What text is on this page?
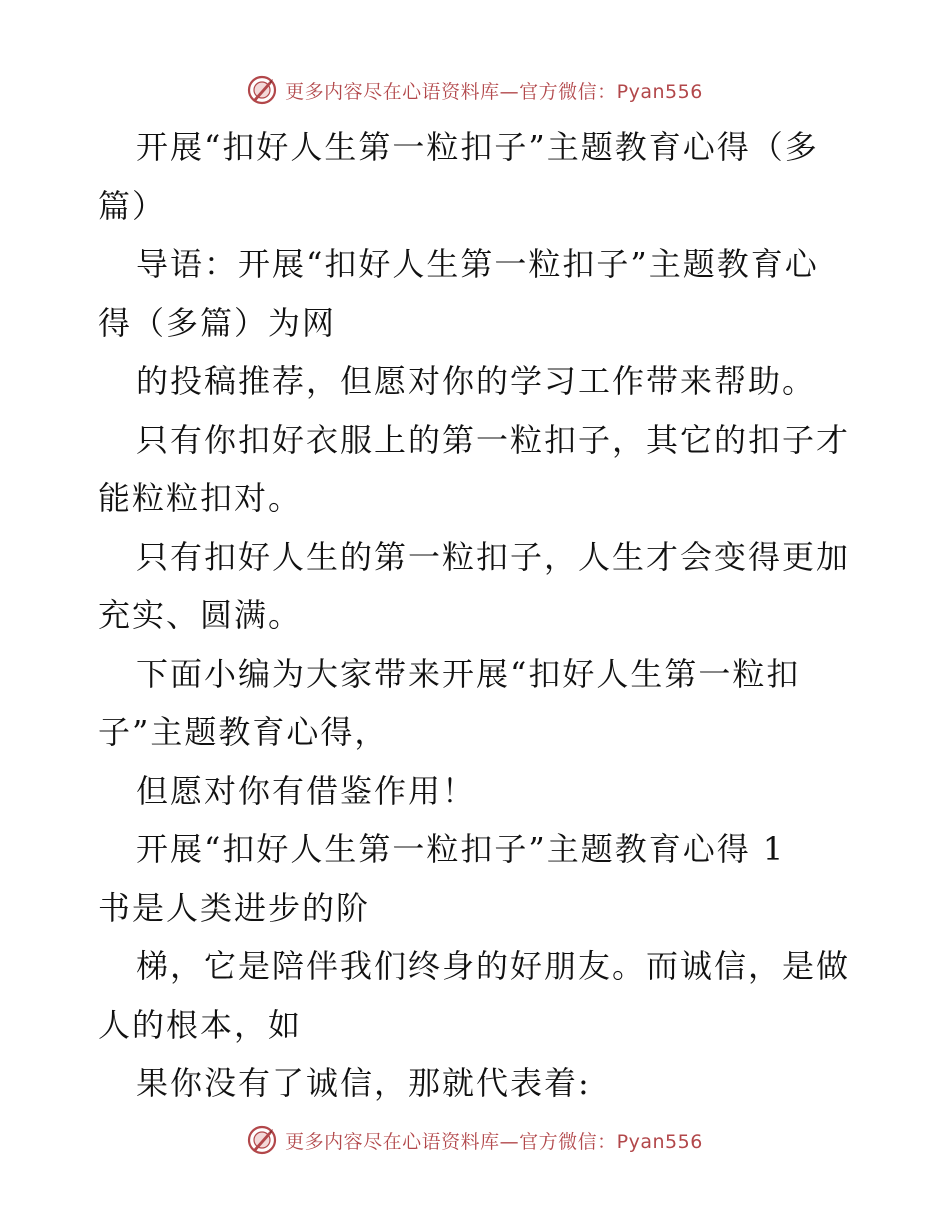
更多内容尽在心语资料库—官方微信：Pyan556

开展“扣好人生第一粒扣子”主题教育心得（多

篇）

导语：开展“扣好人生第一粒扣子”主题教育心

得（多篇）为网

的投稿推荐，但愿对你的学习工作带来帮助。

只有你扣好衣服上的第一粒扣子，其它的扣子才

能粒粒扣对。

只有扣好人生的第一粒扣子，人生才会变得更加

充实、圆满。

下面小编为大家带来开展“扣好人生第一粒扣

子”主题教育心得，

但愿对你有借鉴作用！

开展“扣好人生第一粒扣子”主题教育心得 1

书是人类进步的阶

梯，它是陪伴我们终身的好朋友。而诚信，是做

人的根本，如

果你没有了诚信，那就代表着:

更多内容尽在心语资料库—官方微信：Pyan556
